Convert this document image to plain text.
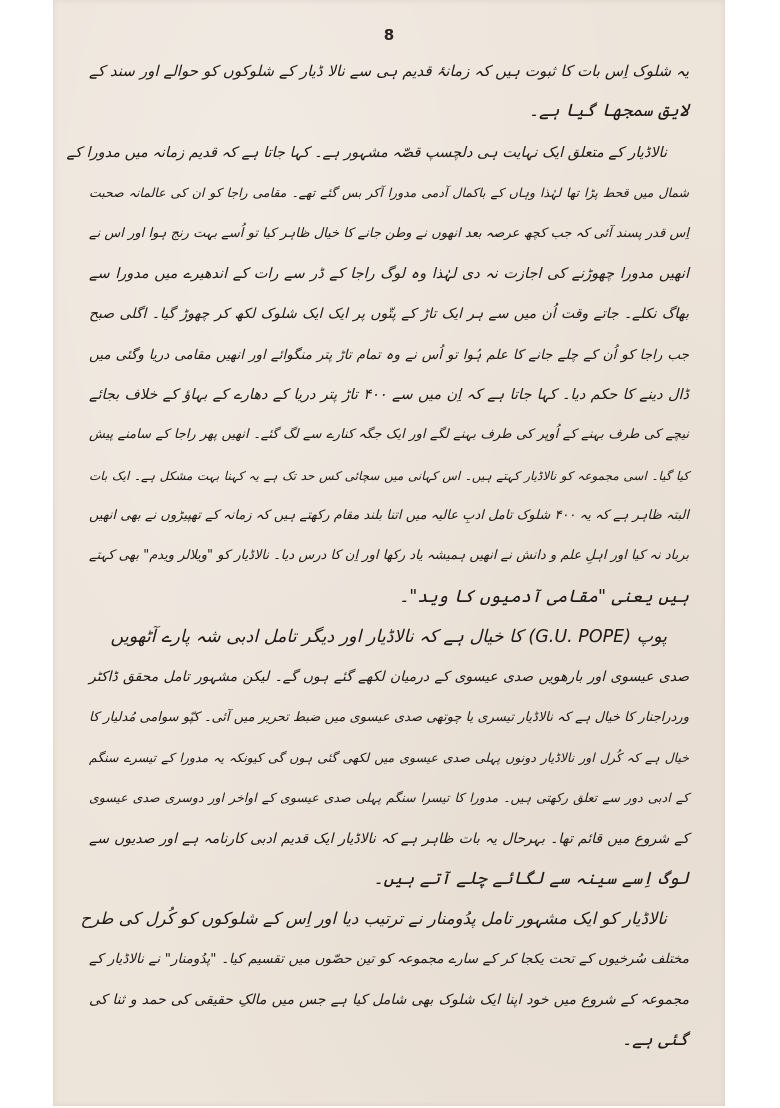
8
یہ شلوک اِس بات کا ثبوت ہیں کہ زمانۂ قدیم ہی سے نالا ڈیار کے شلوکوں کو حوالے اور سند کے
لایق سمجھا گیا ہے۔
نالاڈیار کے متعلق ایک نہایت ہی دلچسپ قصّہ مشہور ہے۔ کہا جاتا ہے کہ قدیم زمانہ میں مدورا کے
شمال میں قحط پڑا تھا لہٰذا وہاں کے باکمال آدمی مدورا آکر بس گئے تھے۔ مقامی راجا کو ان کی عالمانہ صحبت
اِس قدر پسند آئی کہ جب کچھ عرصہ بعد انھوں نے وطن جانے کا خیال ظاہر کیا تو اُسے بہت رنج ہوا اور اس نے
انھیں مدورا چھوڑنے کی اجازت نہ دی لہٰذا وہ لوگ راجا کے ڈر سے رات کے اندھیرے میں مدورا سے
بھاگ نکلے۔ جاتے وقت اُن میں سے ہر ایک تاڑ کے پتّوں پر ایک ایک شلوک لکھ کر چھوڑ گیا۔ اگلی صبح
جب راجا کو اُن کے چلے جانے کا علم ہُوا تو اُس نے وہ تمام تاڑ پتر منگوائے اور انھیں مقامی دریا وگئی میں
ڈال دینے کا حکم دیا۔ کہا جاتا ہے کہ اِن میں سے ۴۰۰ تاڑ پتر دریا کے دھارے کے بہاؤ کے خلاف بجائے
نیچے کی طرف بہنے کے اُوپر کی طرف بہنے لگے اور ایک جگہ کنارے سے لگ گئے۔ انھیں پھر راجا کے سامنے پیش
کیا گیا۔ اسی مجموعہ کو نالاڈیار کہتے ہیں۔ اس کہانی میں سچائی کس حد تک ہے یہ کہنا بہت مشکل ہے۔ ایک بات
البتہ ظاہر ہے کہ یہ ۴۰۰ شلوک تامل ادبِ عالیہ میں اتنا بلند مقام رکھتے ہیں کہ زمانہ کے تھپیڑوں نے بھی انھیں
برباد نہ کیا اور اہلِ علم و دانش نے انھیں ہمیشہ یاد رکھا اور اِن کا درس دیا۔ نالاڈیار کو "ویلالر ویدم" بھی کہتے
ہیں یعنی "مقامی آدمیوں کا وید"۔
پوپ (G.U. POPE) کا خیال ہے کہ نالاڈیار اور دیگر تامل ادبی شہ پارے آٹھویں
صدی عیسوی اور بارھویں صدی عیسوی کے درمیان لکھے گئے ہوں گے۔ لیکن مشہور تامل محقق ڈاکٹر
وردراجنار کا خیال ہے کہ نالاڈیار تیسری یا چوتھی صدی عیسوی میں ضبط تحریر میں آئی۔ کپّو سوامی مُدلیار کا
خیال ہے کہ کُرل اور نالاڈیار دونوں پہلی صدی عیسوی میں لکھی گئی ہوں گی کیونکہ یہ مدورا کے تیسرے سنگم
کے ادبی دور سے تعلق رکھتی ہیں۔ مدورا کا تیسرا سنگم پہلی صدی عیسوی کے اواخر اور دوسری صدی عیسوی
کے شروع میں قائم تھا۔ بہرحال یہ بات ظاہر ہے کہ نالاڈیار ایک قدیم ادبی کارنامہ ہے اور صدیوں سے
لوگ اِسے سینہ سے لگائے چلے آتے ہیں۔
نالاڈیار کو ایک مشہور تامل پدُومنار نے ترتیب دیا اور اِس کے شلوکوں کو کُرل کی طرح
مختلف سُرخیوں کے تحت یکجا کر کے سارے مجموعہ کو تین حصّوں میں تقسیم کیا۔ "پدُومنار" نے نالاڈیار کے
مجموعہ کے شروع میں خود اپنا ایک شلوک بھی شامل کیا ہے جس میں مالکِ حقیقی کی حمد و ثنا کی
گئی ہے۔
